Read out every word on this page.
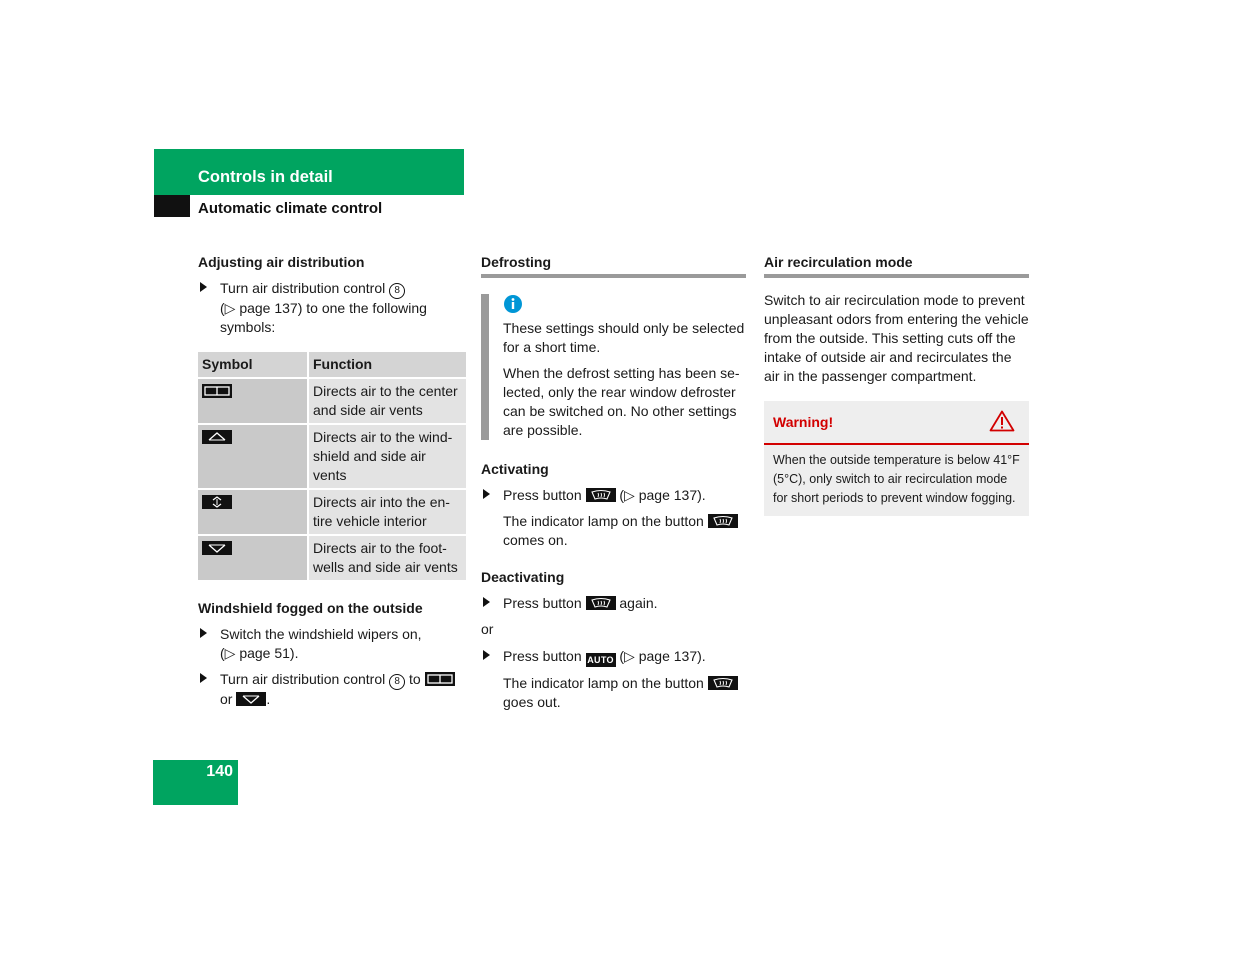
Controls in detail
Automatic climate control

Adjusting air distribution

Turn air distribution control 8
(▷ page 137) to one the following symbols:
Symbol	Function

	Directs air to the center and side air vents

	Directs air to the wind-shield and side air vents

	Directs air into the en-tire vehicle interior

	Directs air to the foot-wells and side air vents

Windshield fogged on the outside

Switch the windshield wipers on,
(▷ page 51).
Turn air distribution control 8 to

or .

Defrosting

These settings should only be selected for a short time.
When the defrost setting has been se-lected, only the rear window defroster can be switched on. No other settings are possible.

Activating

Press button	(▷ page 137).
The indicator lamp on the button

comes on.

Deactivating

Press button	again.
or
Press button AUTO (▷ page 137).
The indicator lamp on the button

goes out.

Air recirculation mode

Switch to air recirculation mode to prevent unpleasant odors from entering the vehicle from the outside. This setting cuts off the intake of outside air and recirculates the air in the passenger compartment.
Warning!
When the outside temperature is below 41°F (5°C), only switch to air recirculation mode for short periods to prevent window fogging.
140
